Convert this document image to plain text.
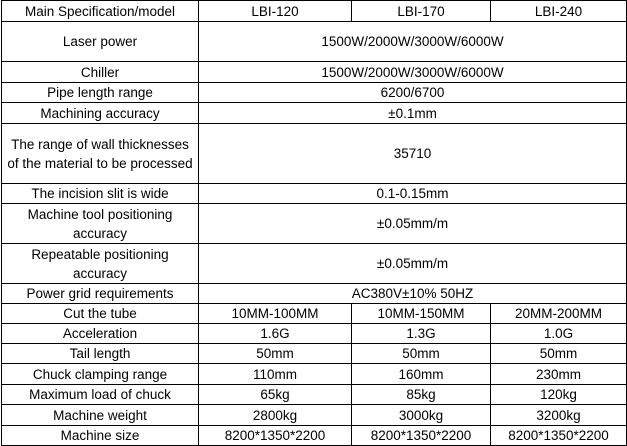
Main Specification/model	LBI-120	LBI-170	LBI-240
Laser power	1500W/2000W/3000W/6000W		
Chiller	1500W/2000W/3000W/6000W		
Pipe length range	6200/6700		
Machining accuracy	±0.1mm		
The range of wall thicknesses of the material to be processed	35710		
The incision slit is wide	0.1-0.15mm		
Machine tool positioning accuracy	±0.05mm/m		
Repeatable positioning accuracy	±0.05mm/m		
Power grid requirements	AC380V±10% 50HZ		
Cut the tube	10MM-100MM	10MM-150MM	20MM-200MM
Acceleration	1.6G	1.3G	1.0G
Tail length	50mm	50mm	50mm
Chuck clamping range	110mm	160mm	230mm
Maximum load of chuck	65kg	85kg	120kg
Machine weight	2800kg	3000kg	3200kg
Machine size	8200*1350*2200	8200*1350*2200	8200*1350*2200
